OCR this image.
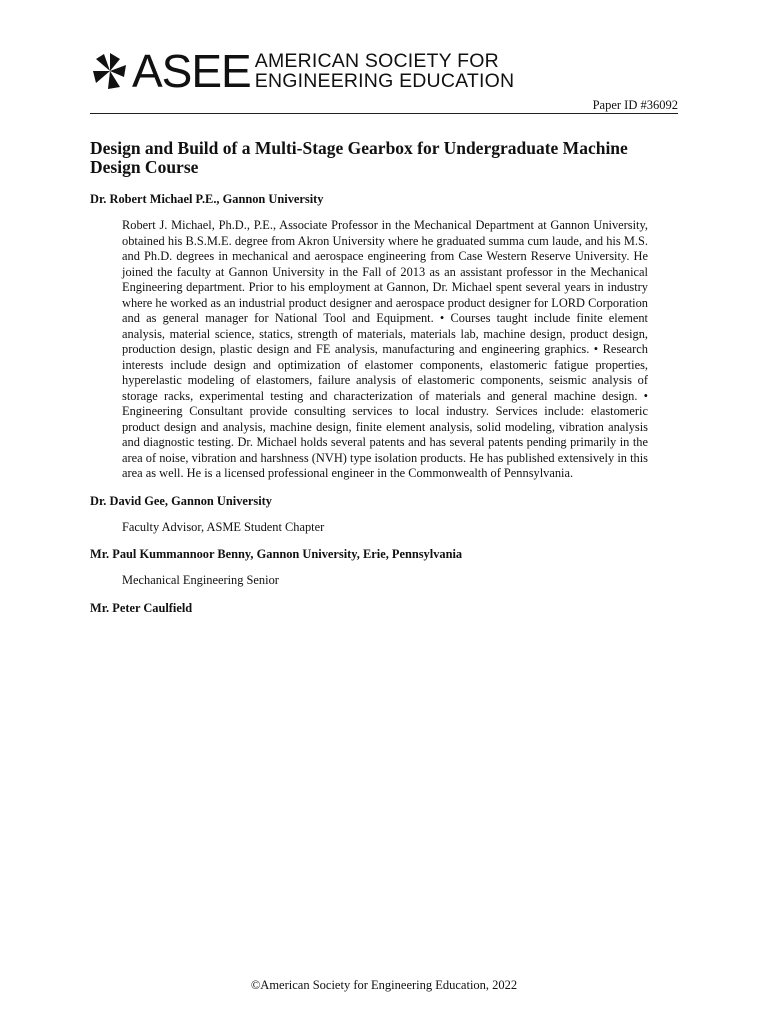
ASEE AMERICAN SOCIETY FOR
ENGINEERING EDUCATION
Paper ID #36092
Design and Build of a Multi-Stage Gearbox for Undergraduate Machine Design Course

Dr. Robert Michael P.E., Gannon University

Robert J. Michael, Ph.D., P.E., Associate Professor in the Mechanical Department at Gannon University, obtained his B.S.M.E. degree from Akron University where he graduated summa cum laude, and his M.S. and Ph.D. degrees in mechanical and aerospace engineering from Case Western Reserve University. He joined the faculty at Gannon University in the Fall of 2013 as an assistant professor in the Mechanical Engineering department. Prior to his employment at Gannon, Dr. Michael spent several years in industry where he worked as an industrial product designer and aerospace product designer for LORD Corporation and as general manager for National Tool and Equipment. • Courses taught include finite element analysis, material science, statics, strength of materials, materials lab, machine design, product design, production design, plastic design and FE analysis, manufacturing and engineering graphics. • Research interests include design and optimization of elastomer components, elastomeric fatigue properties, hyperelastic modeling of elastomers, failure analysis of elastomeric components, seismic analysis of storage racks, experimental testing and characterization of materials and general machine design. • Engineering Consultant provide consulting services to local industry. Services include: elastomeric product design and analysis, machine design, finite element analysis, solid modeling, vibration analysis and diagnostic testing. Dr. Michael holds several patents and has several patents pending primarily in the area of noise, vibration and harshness (NVH) type isolation products. He has published extensively in this area as well. He is a licensed professional engineer in the Commonwealth of Pennsylvania.

Dr. David Gee, Gannon University

Faculty Advisor, ASME Student Chapter

Mr. Paul Kummannoor Benny, Gannon University, Erie, Pennsylvania

Mechanical Engineering Senior

Mr. Peter Caulfield

©American Society for Engineering Education, 2022
